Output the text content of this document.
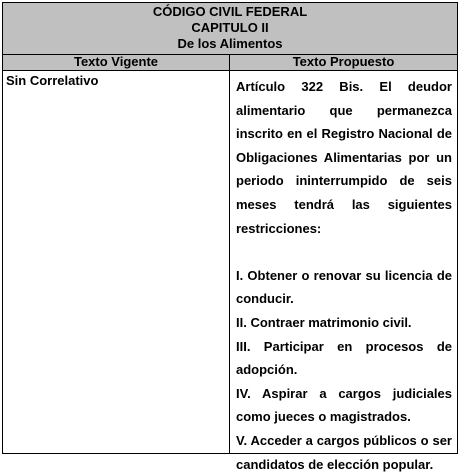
CÓDIGO CIVIL FEDERAL
CAPITULO II
De los Alimentos
Texto Vigente	Texto Propuesto
Sin Correlativo	Artículo 322 Bis. El deudor
alimentario que permanezca
inscrito en el Registro Nacional de
Obligaciones Alimentarias por un
periodo ininterrumpido de seis
meses tendrá las siguientes
restricciones:
I. Obtener o renovar su licencia de
conducir.
II. Contraer matrimonio civil.
III. Participar en procesos de
adopción.
IV. Aspirar a cargos judiciales
como jueces o magistrados.
V. Acceder a cargos públicos o ser
candidatos de elección popular.
